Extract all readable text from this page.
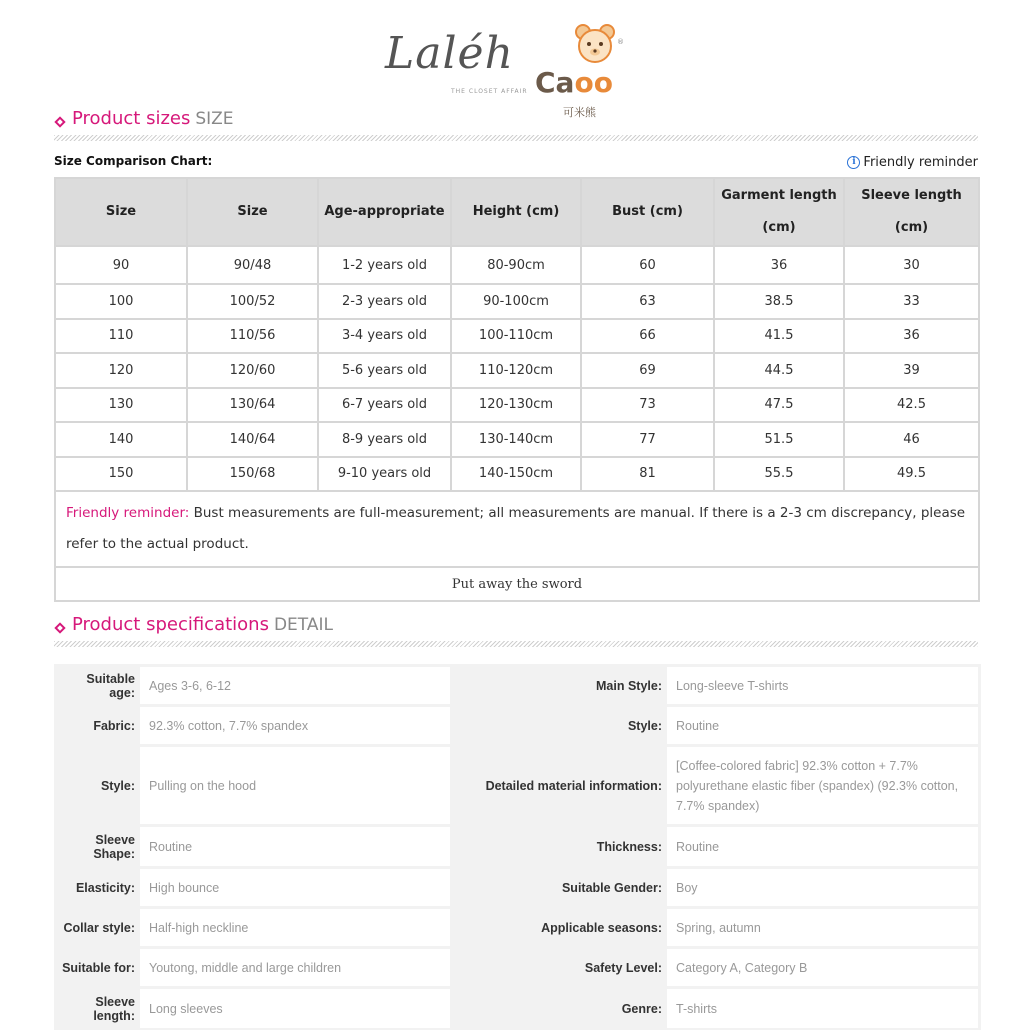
Laléh
THE CLOSET AFFAIR
®
Caoo
可米熊
Product sizes SIZE
Size Comparison Chart:	i Friendly reminder
Size	Size	Age-appropriate	Height (cm)	Bust (cm)	Garment length (cm)	Sleeve length (cm)
90	90/48	1-2 years old	80-90cm	60	36	30
100	100/52	2-3 years old	90-100cm	63	38.5	33
110	110/56	3-4 years old	100-110cm	66	41.5	36
120	120/60	5-6 years old	110-120cm	69	44.5	39
130	130/64	6-7 years old	120-130cm	73	47.5	42.5
140	140/64	8-9 years old	130-140cm	77	51.5	46
150	150/68	9-10 years old	140-150cm	81	55.5	49.5
Friendly reminder: Bust measurements are full-measurement; all measurements are manual. If there is a 2-3 cm discrepancy, please refer to the actual product.						
Put away the sword						
Product specifications DETAIL
Suitable age:	Ages 3-6, 6-12	Main Style:	Long-sleeve T-shirts
Fabric:	92.3% cotton, 7.7% spandex	Style:	Routine
Style:	Pulling on the hood	Detailed material information:	[Coffee-colored fabric] 92.3% cotton + 7.7% polyurethane elastic fiber (spandex) (92.3% cotton, 7.7% spandex)
Sleeve Shape:	Routine	Thickness:	Routine
Elasticity:	High bounce	Suitable Gender:	Boy
Collar style:	Half-high neckline	Applicable seasons:	Spring, autumn
Suitable for:	Youtong, middle and large children	Safety Level:	Category A, Category B
Sleeve length:	Long sleeves	Genre:	T-shirts
